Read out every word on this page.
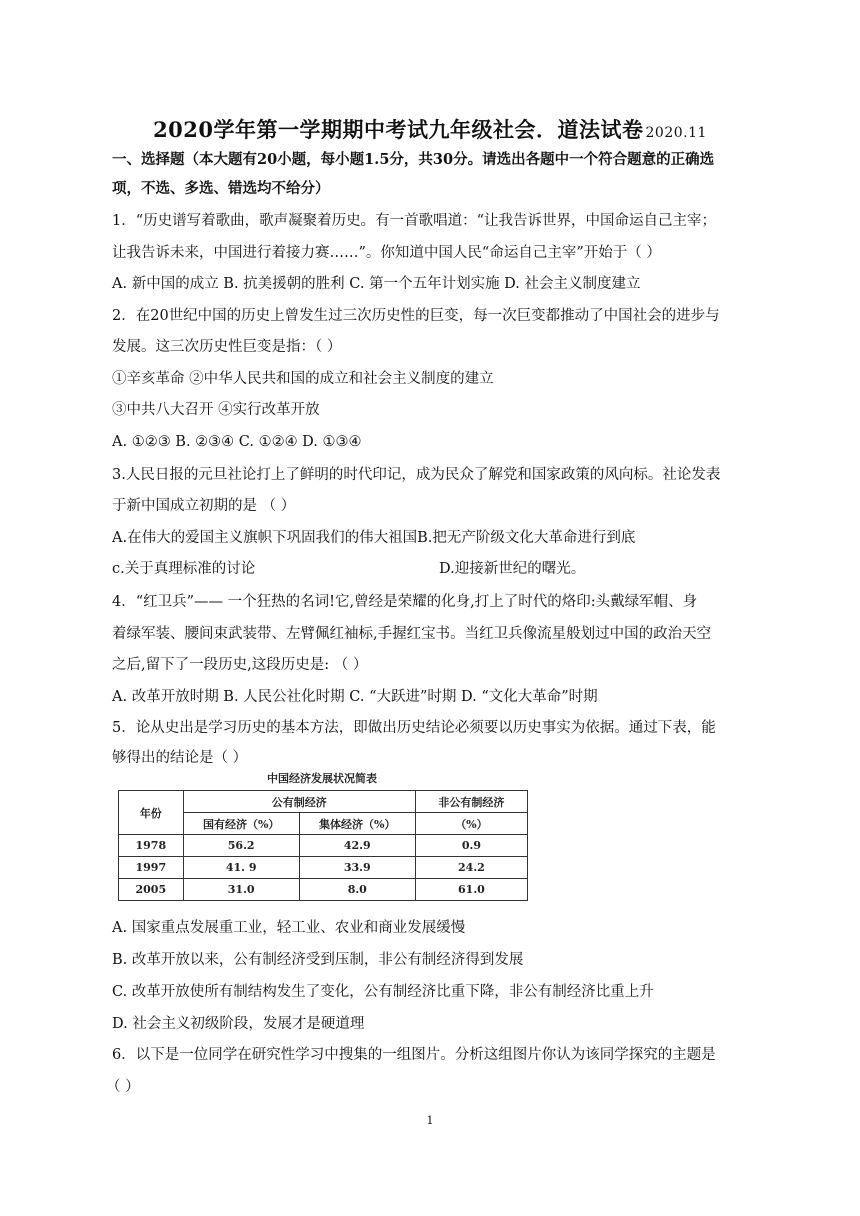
2020学年第一学期期中考试九年级社会．道法试卷 2020.11
一、选择题（本大题有20小题，每小题1.5分，共30分。请选出各题中一个符合题意的正确选
项，不选、多选、错选均不给分）
1．“历史谱写着歌曲，歌声凝聚着历史。有一首歌唱道：“让我告诉世界，中国命运自己主宰；
让我告诉未来，中国进行着接力赛……”。你知道中国人民“命运自己主宰”开始于（ ）
A. 新中国的成立 B. 抗美援朝的胜利 C. 第一个五年计划实施 D. 社会主义制度建立
2．在20世纪中国的历史上曾发生过三次历史性的巨变，每一次巨变都推动了中国社会的进步与
发展。这三次历史性巨变是指：（ ）
①辛亥革命 ②中华人民共和国的成立和社会主义制度的建立
③中共八大召开 ④实行改革开放
A. ①②③ B. ②③④ C. ①②④ D. ①③④
3.人民日报的元旦社论打上了鲜明的时代印记，成为民众了解党和国家政策的风向标。社论发表
于新中国成立初期的是 （ ）
A.在伟大的爱国主义旗帜下巩固我们的伟大祖国B.把无产阶级文化大革命进行到底
c.关于真理标准的讨论	D.迎接新世纪的曙光。
4．“红卫兵”—— 一个狂热的名词!它,曾经是荣耀的化身,打上了时代的烙印:头戴绿军帽、身
着绿军装、腰间束武装带、左臂佩红袖标,手握红宝书。当红卫兵像流星般划过中国的政治天空
之后,留下了一段历史,这段历史是: （ ）
A. 改革开放时期 B. 人民公社化时期 C. “大跃进”时期 D. “文化大革命”时期
5．论从史出是学习历史的基本方法，即做出历史结论必须要以历史事实为依据。通过下表，能
够得出的结论是（ ）
中国经济发展状况简表
年份	公有制经济		非公有制经济
	国有经济（%）	集体经济（%）	（%）
1978	56.2	42.9	0.9
1997	41. 9	33.9	24.2
2005	31.0	8.0	61.0
A. 国家重点发展重工业，轻工业、农业和商业发展缓慢
B. 改革开放以来，公有制经济受到压制，非公有制经济得到发展
C. 改革开放使所有制结构发生了变化，公有制经济比重下降，非公有制经济比重上升
D. 社会主义初级阶段，发展才是硬道理
6．以下是一位同学在研究性学习中搜集的一组图片。分析这组图片你认为该同学探究的主题是
（ ）
1
